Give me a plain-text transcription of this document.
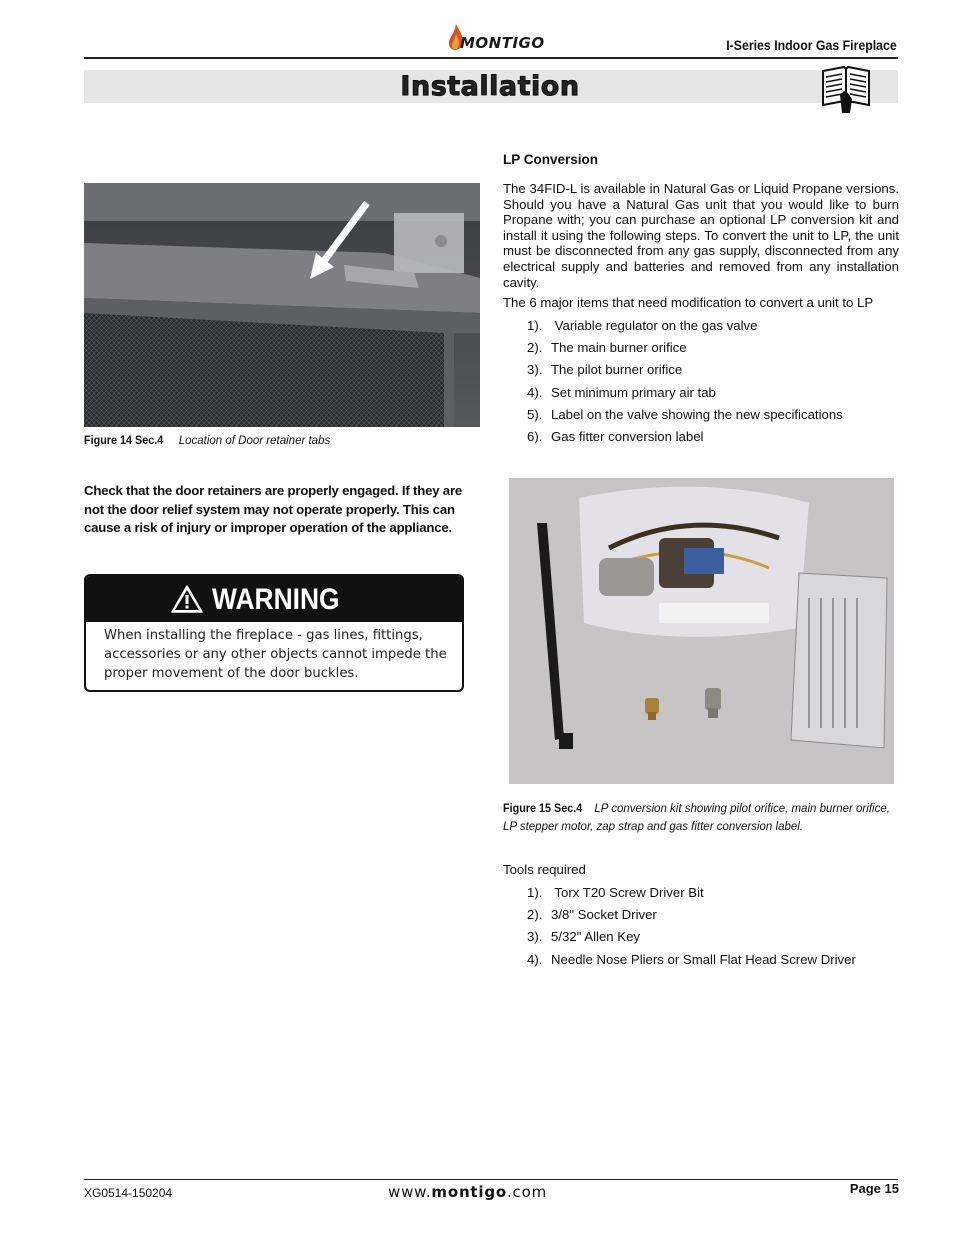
MONTIGO	I-Series Indoor Gas Fireplace
Installation
Figure 14 Sec.4 Location of Door retainer tabs
Check that the door retainers are properly engaged. If they are not the door relief system may not operate properly. This can cause a risk of injury or improper operation of the appliance.
WARNING
When installing the fireplace - gas lines, fittings, accessories or any other objects cannot impede the proper movement of the door buckles.
LP Conversion
The 34FID-L is available in Natural Gas or Liquid Propane versions. Should you have a Natural Gas unit that you would like to burn Propane with; you can purchase an optional LP conversion kit and install it using the following steps. To convert the unit to LP, the unit must be disconnected from any gas supply, disconnected from any electrical supply and batteries and removed from any installation cavity.
The 6 major items that need modification to convert a unit to LP
1). Variable regulator on the gas valve
2). The main burner orifice
3). The pilot burner orifice
4). Set minimum primary air tab
5). Label on the valve showing the new specifications
6). Gas fitter conversion label
Figure 15 Sec.4 LP conversion kit showing pilot orifice, main burner orifice, LP stepper motor, zap strap and gas fitter conversion label.
Tools required
1). Torx T20 Screw Driver Bit
2). 3/8" Socket Driver
3). 5/32" Allen Key
4). Needle Nose Pliers or Small Flat Head Screw Driver
XG0514-150204	www.montigo.com	Page 15
